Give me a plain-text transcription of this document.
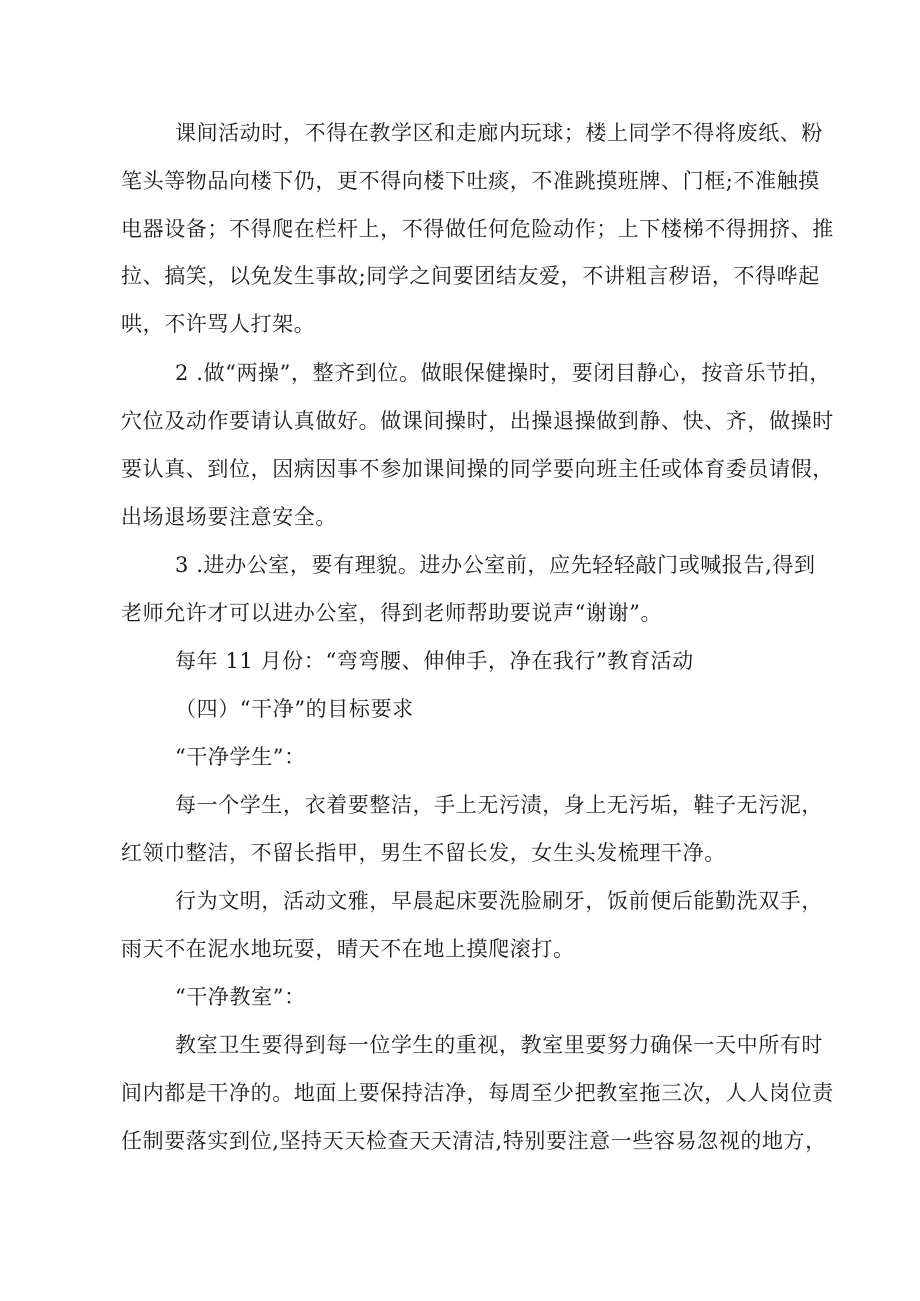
课间活动时，不得在教学区和走廊内玩球；楼上同学不得将废纸、粉

笔头等物品向楼下仍，更不得向楼下吐痰，不准跳摸班牌、门框;不准触摸

电器设备；不得爬在栏杆上，不得做任何危险动作；上下楼梯不得拥挤、推

拉、搞笑，以免发生事故;同学之间要团结友爱，不讲粗言秽语，不得哗起

哄，不许骂人打架。

2 .做“两操”，整齐到位。做眼保健操时，要闭目静心，按音乐节拍，

穴位及动作要请认真做好。做课间操时，出操退操做到静、快、齐，做操时

要认真、到位，因病因事不参加课间操的同学要向班主任或体育委员请假，

出场退场要注意安全。

3 .进办公室，要有理貌。进办公室前，应先轻轻敲门或喊报告,得到

老师允许才可以进办公室，得到老师帮助要说声“谢谢”。

每年 11 月份：“弯弯腰、伸伸手，净在我行”教育活动

（四）“干净”的目标要求

“干净学生”：

每一个学生，衣着要整洁，手上无污渍，身上无污垢，鞋子无污泥，

红领巾整洁，不留长指甲，男生不留长发，女生头发梳理干净。

行为文明，活动文雅，早晨起床要洗脸刷牙，饭前便后能勤洗双手，

雨天不在泥水地玩耍，晴天不在地上摸爬滚打。

“干净教室”：

教室卫生要得到每一位学生的重视，教室里要努力确保一天中所有时

间内都是干净的。地面上要保持洁净，每周至少把教室拖三次，人人岗位责

任制要落实到位,坚持天天检查天天清洁,特别要注意一些容易忽视的地方，
